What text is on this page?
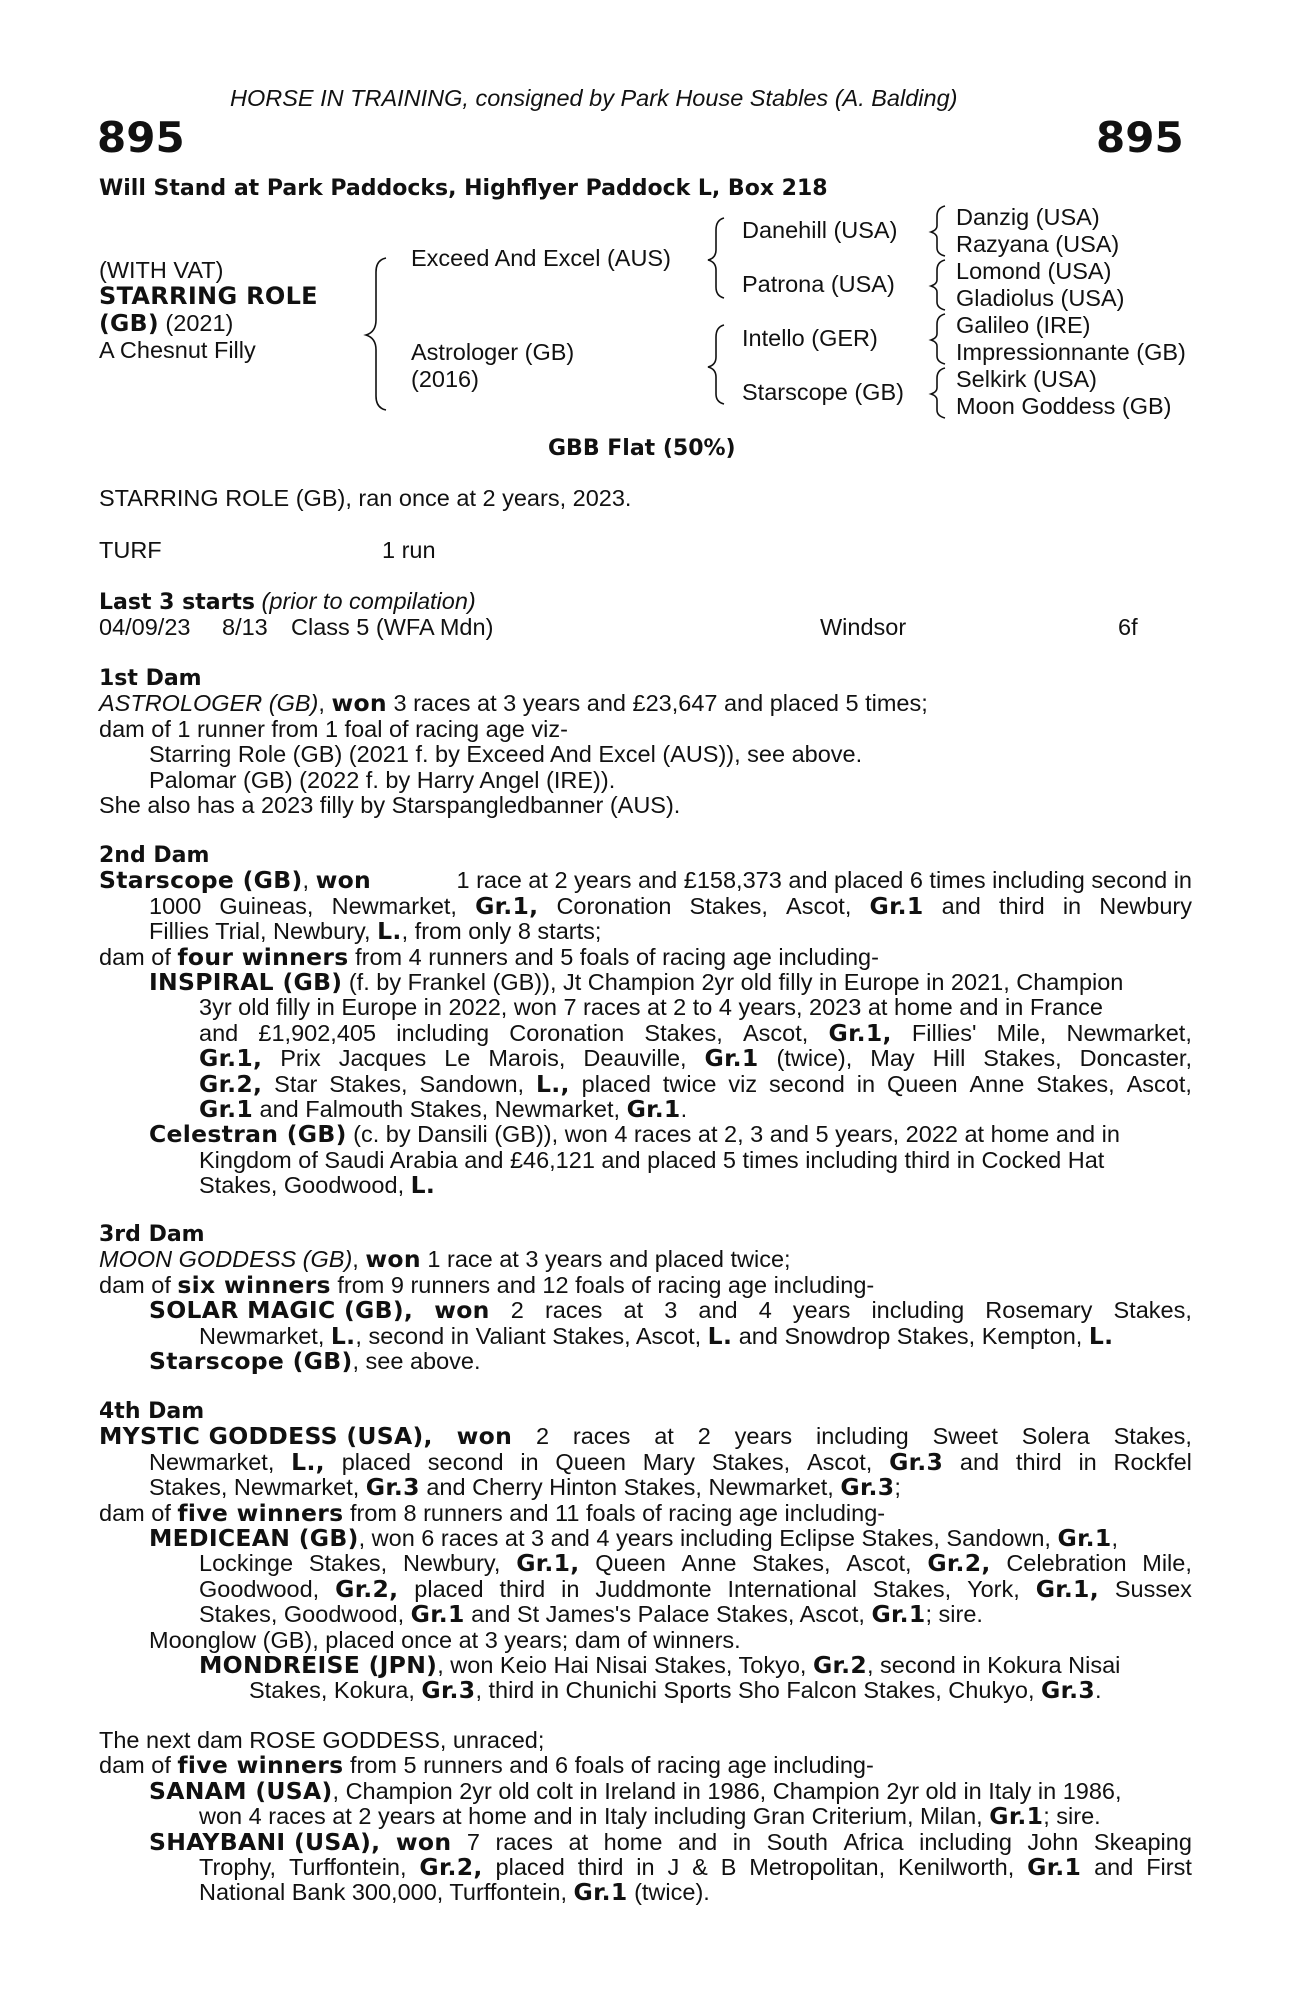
HORSE IN TRAINING, consigned by Park House Stables (A. Balding)
895	895
Will Stand at Park Paddocks, Highflyer Paddock L, Box 218
(WITH VAT)
STARRING ROLE
(GB) (2021)
A Chesnut Filly
Exceed And Excel (AUS)
Astrologer (GB)
(2016)
Danehill (USA)
Patrona (USA)
Intello (GER)
Starscope (GB)
Danzig (USA)
Razyana (USA)
Lomond (USA)
Gladiolus (USA)
Galileo (IRE)
Impressionnante (GB)
Selkirk (USA)
Moon Goddess (GB)
GBB Flat (50%)
STARRING ROLE (GB), ran once at 2 years, 2023.
TURF	1 run
Last 3 starts (prior to compilation)
04/09/23 8/13 Class 5 (WFA Mdn)	Windsor	6f
1st Dam
ASTROLOGER (GB), won 3 races at 3 years and £23,647 and placed 5 times;
dam of 1 runner from 1 foal of racing age viz-
Starring Role (GB) (2021 f. by Exceed And Excel (AUS)), see above.
Palomar (GB) (2022 f. by Harry Angel (IRE)).
She also has a 2023 filly by Starspangledbanner (AUS).
2nd Dam
Starscope (GB), won	1 race at 2 years and £158,373 and placed 6 times including second in
1000 Guineas, Newmarket, Gr.1, Coronation Stakes, Ascot, Gr.1 and third in Newbury
Fillies Trial, Newbury, L., from only 8 starts;
dam of four winners from 4 runners and 5 foals of racing age including-
INSPIRAL (GB) (f. by Frankel (GB)), Jt Champion 2yr old filly in Europe in 2021, Champion
3yr old filly in Europe in 2022, won 7 races at 2 to 4 years, 2023 at home and in France
and £1,902,405 including Coronation Stakes, Ascot, Gr.1, Fillies' Mile, Newmarket,
Gr.1, Prix Jacques Le Marois, Deauville, Gr.1 (twice), May Hill Stakes, Doncaster,
Gr.2, Star Stakes, Sandown, L., placed twice viz second in Queen Anne Stakes, Ascot,
Gr.1 and Falmouth Stakes, Newmarket, Gr.1.
Celestran (GB) (c. by Dansili (GB)), won 4 races at 2, 3 and 5 years, 2022 at home and in
Kingdom of Saudi Arabia and £46,121 and placed 5 times including third in Cocked Hat
Stakes, Goodwood, L.
3rd Dam
MOON GODDESS (GB), won 1 race at 3 years and placed twice;
dam of six winners from 9 runners and 12 foals of racing age including-
SOLAR MAGIC (GB), won 2 races at 3 and 4 years including Rosemary Stakes,
Newmarket, L., second in Valiant Stakes, Ascot, L. and Snowdrop Stakes, Kempton, L.
Starscope (GB), see above.
4th Dam
MYSTIC GODDESS (USA), won 2 races at 2 years including Sweet Solera Stakes,
Newmarket, L., placed second in Queen Mary Stakes, Ascot, Gr.3 and third in Rockfel
Stakes, Newmarket, Gr.3 and Cherry Hinton Stakes, Newmarket, Gr.3;
dam of five winners from 8 runners and 11 foals of racing age including-
MEDICEAN (GB), won 6 races at 3 and 4 years including Eclipse Stakes, Sandown, Gr.1,
Lockinge Stakes, Newbury, Gr.1, Queen Anne Stakes, Ascot, Gr.2, Celebration Mile,
Goodwood, Gr.2, placed third in Juddmonte International Stakes, York, Gr.1, Sussex
Stakes, Goodwood, Gr.1 and St James's Palace Stakes, Ascot, Gr.1; sire.
Moonglow (GB), placed once at 3 years; dam of winners.
MONDREISE (JPN), won Keio Hai Nisai Stakes, Tokyo, Gr.2, second in Kokura Nisai
Stakes, Kokura, Gr.3, third in Chunichi Sports Sho Falcon Stakes, Chukyo, Gr.3.
The next dam ROSE GODDESS, unraced;
dam of five winners from 5 runners and 6 foals of racing age including-
SANAM (USA), Champion 2yr old colt in Ireland in 1986, Champion 2yr old in Italy in 1986,
won 4 races at 2 years at home and in Italy including Gran Criterium, Milan, Gr.1; sire.
SHAYBANI (USA), won 7 races at home and in South Africa including John Skeaping
Trophy, Turffontein, Gr.2, placed third in J & B Metropolitan, Kenilworth, Gr.1 and First
National Bank 300,000, Turffontein, Gr.1 (twice).
